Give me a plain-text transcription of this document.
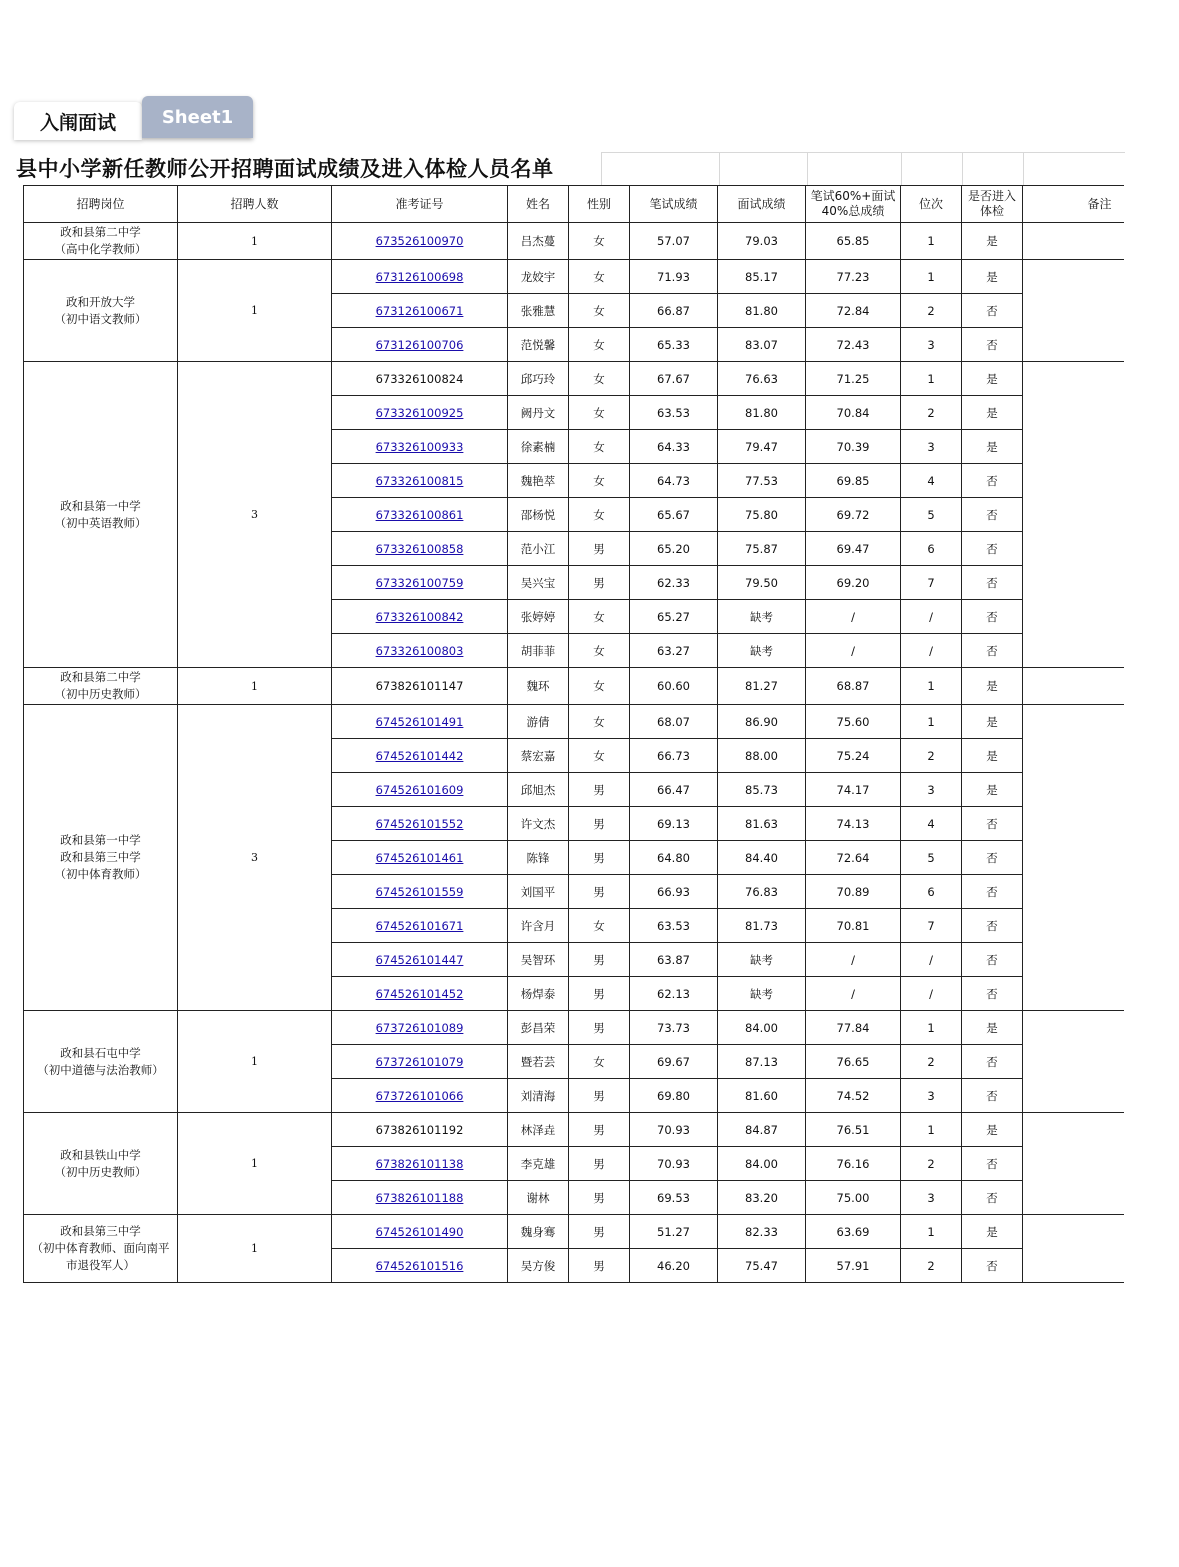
入闱面试	Sheet1
县中小学新任教师公开招聘面试成绩及进入体检人员名单
招聘岗位	招聘人数	准考证号	姓名	性别	笔试成绩	面试成绩	笔试60%+面试
40%总成绩	位次	是否进入
体检	备注
政和县第二中学
（高中化学教师）	1	673526100970	吕杰蔓	女	57.07	79.03	65.85	1	是	
政和开放大学
（初中语文教师）	1	673126100698	龙姣宇	女	71.93	85.17	77.23	1	是	
		673126100671	张雅慧	女	66.87	81.80	72.84	2	否	
		673126100706	范悦馨	女	65.33	83.07	72.43	3	否	
政和县第一中学
（初中英语教师）	3	673326100824	邱巧玲	女	67.67	76.63	71.25	1	是	
		673326100925	阙丹文	女	63.53	81.80	70.84	2	是	
		673326100933	徐素楠	女	64.33	79.47	70.39	3	是	
		673326100815	魏艳萃	女	64.73	77.53	69.85	4	否	
		673326100861	邵杨悦	女	65.67	75.80	69.72	5	否	
		673326100858	范小江	男	65.20	75.87	69.47	6	否	
		673326100759	吴兴宝	男	62.33	79.50	69.20	7	否	
		673326100842	张婷婷	女	65.27	缺考	/	/	否	
		673326100803	胡菲菲	女	63.27	缺考	/	/	否	
政和县第二中学
（初中历史教师）	1	673826101147	魏环	女	60.60	81.27	68.87	1	是	
政和县第一中学
政和县第三中学
（初中体育教师）	3	674526101491	游倩	女	68.07	86.90	75.60	1	是	
		674526101442	蔡宏嘉	女	66.73	88.00	75.24	2	是	
		674526101609	邱旭杰	男	66.47	85.73	74.17	3	是	
		674526101552	许文杰	男	69.13	81.63	74.13	4	否	
		674526101461	陈锋	男	64.80	84.40	72.64	5	否	
		674526101559	刘国平	男	66.93	76.83	70.89	6	否	
		674526101671	许含月	女	63.53	81.73	70.81	7	否	
		674526101447	吴智环	男	63.87	缺考	/	/	否	
		674526101452	杨焊泰	男	62.13	缺考	/	/	否	
政和县石屯中学
（初中道德与法治教师）	1	673726101089	彭昌荣	男	73.73	84.00	77.84	1	是	
		673726101079	暨若芸	女	69.67	87.13	76.65	2	否	
		673726101066	刘清海	男	69.80	81.60	74.52	3	否	
政和县铁山中学
（初中历史教师）	1	673826101192	林泽垚	男	70.93	84.87	76.51	1	是	
		673826101138	李克雄	男	70.93	84.00	76.16	2	否	
		673826101188	谢林	男	69.53	83.20	75.00	3	否	
政和县第三中学
（初中体育教师、面向南平
市退役军人）	1	674526101490	魏身骞	男	51.27	82.33	63.69	1	是	
		674526101516	吴方俊	男	46.20	75.47	57.91	2	否	
